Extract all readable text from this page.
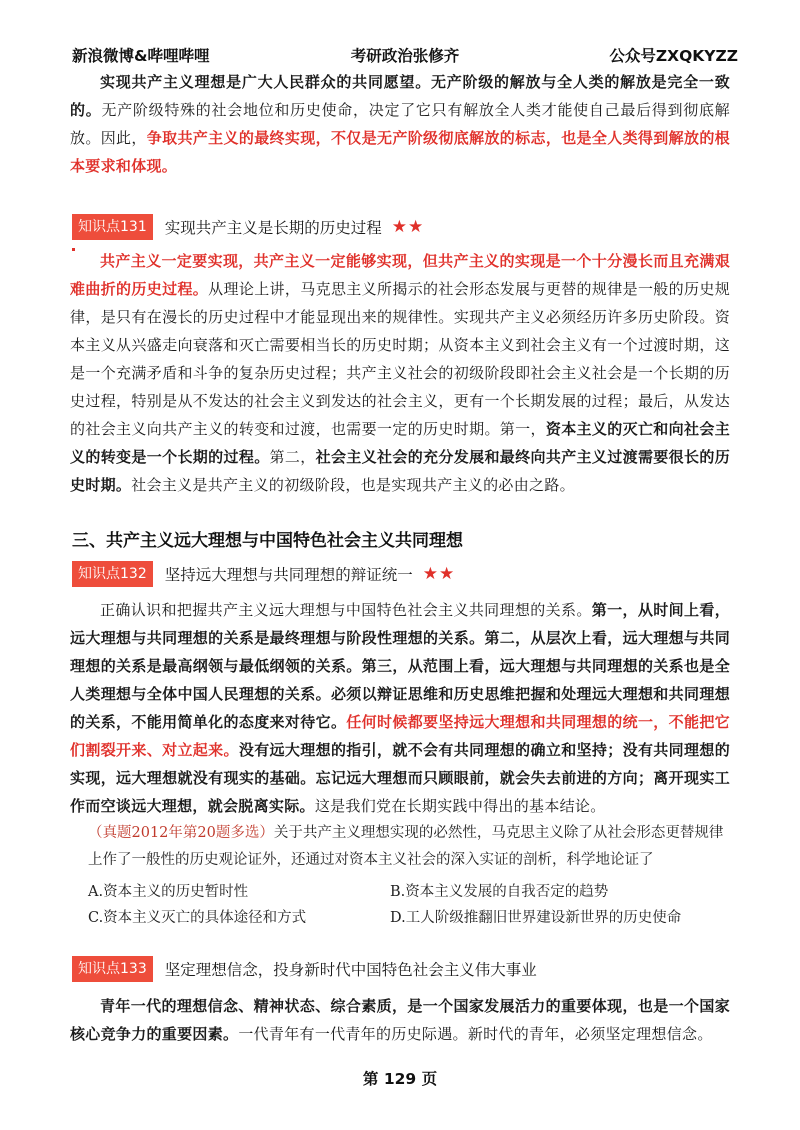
新浪微博&哔哩哔哩	考研政治张修齐	公众号ZXQKYZZ

实现共产主义理想是广大人民群众的共同愿望。无产阶级的解放与全人类的解放是完全一致的。无产阶级特殊的社会地位和历史使命，决定了它只有解放全人类才能使自己最后得到彻底解放。因此，争取共产主义的最终实现，不仅是无产阶级彻底解放的标志，也是全人类得到解放的根本要求和体现。

知识点131	实现共产主义是长期的历史过程 ★★

共产主义一定要实现，共产主义一定能够实现，但共产主义的实现是一个十分漫长而且充满艰难曲折的历史过程。从理论上讲，马克思主义所揭示的社会形态发展与更替的规律是一般的历史规律，是只有在漫长的历史过程中才能显现出来的规律性。实现共产主义必须经历许多历史阶段。资本主义从兴盛走向衰落和灭亡需要相当长的历史时期；从资本主义到社会主义有一个过渡时期，这是一个充满矛盾和斗争的复杂历史过程；共产主义社会的初级阶段即社会主义社会是一个长期的历史过程，特别是从不发达的社会主义到发达的社会主义，更有一个长期发展的过程；最后，从发达的社会主义向共产主义的转变和过渡，也需要一定的历史时期。第一，资本主义的灭亡和向社会主义的转变是一个长期的过程。第二，社会主义社会的充分发展和最终向共产主义过渡需要很长的历史时期。社会主义是共产主义的初级阶段，也是实现共产主义的必由之路。

三、共产主义远大理想与中国特色社会主义共同理想
知识点132	坚持远大理想与共同理想的辩证统一 ★★

正确认识和把握共产主义远大理想与中国特色社会主义共同理想的关系。第一，从时间上看，远大理想与共同理想的关系是最终理想与阶段性理想的关系。第二，从层次上看，远大理想与共同理想的关系是最高纲领与最低纲领的关系。第三，从范围上看，远大理想与共同理想的关系也是全人类理想与全体中国人民理想的关系。必须以辩证思维和历史思维把握和处理远大理想和共同理想的关系，不能用简单化的态度来对待它。任何时候都要坚持远大理想和共同理想的统一，不能把它们割裂开来、对立起来。没有远大理想的指引，就不会有共同理想的确立和坚持；没有共同理想的实现，远大理想就没有现实的基础。忘记远大理想而只顾眼前，就会失去前进的方向；离开现实工作而空谈远大理想，就会脱离实际。这是我们党在长期实践中得出的基本结论。

（真题2012年第20题多选）关于共产主义理想实现的必然性，马克思主义除了从社会形态更替规律上作了一般性的历史观论证外，还通过对资本主义社会的深入实证的剖析，科学地论证了

A.资本主义的历史暂时性	B.资本主义发展的自我否定的趋势
C.资本主义灭亡的具体途径和方式	D.工人阶级推翻旧世界建设新世界的历史使命
知识点133	坚定理想信念，投身新时代中国特色社会主义伟大事业

青年一代的理想信念、精神状态、综合素质，是一个国家发展活力的重要体现，也是一个国家核心竞争力的重要因素。一代青年有一代青年的历史际遇。新时代的青年，必须坚定理想信念。

第 129 页
